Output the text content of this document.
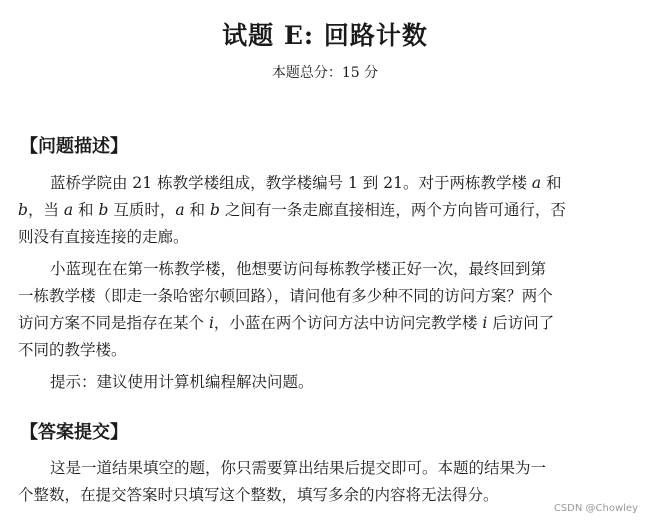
试题 E: 回路计数
本题总分：15 分
【问题描述】
蓝桥学院由 21 栋教学楼组成，教学楼编号 1 到 21。对于两栋教学楼 a 和
b，当 a 和 b 互质时，a 和 b 之间有一条走廊直接相连，两个方向皆可通行，否
则没有直接连接的走廊。
小蓝现在在第一栋教学楼，他想要访问每栋教学楼正好一次，最终回到第
一栋教学楼（即走一条哈密尔顿回路），请问他有多少种不同的访问方案？两个
访问方案不同是指存在某个 i，小蓝在两个访问方法中访问完教学楼 i 后访问了
不同的教学楼。
提示：建议使用计算机编程解决问题。
【答案提交】
这是一道结果填空的题，你只需要算出结果后提交即可。本题的结果为一
个整数，在提交答案时只填写这个整数，填写多余的内容将无法得分。
CSDN @Chowley
